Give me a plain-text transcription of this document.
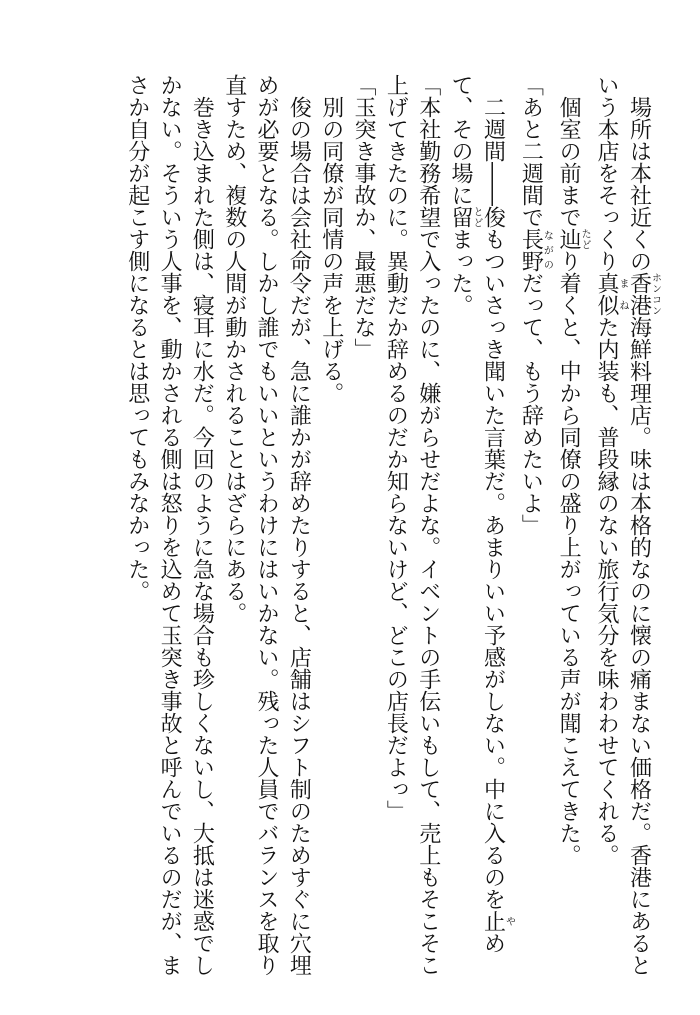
場所は本社近くの香港ホンコン海鮮料理店。味は本格的なのに懐の痛まない価格だ。香港にあるという本店をそっくり真似まねた内装も、普段縁のない旅行気分を味わわせてくれる。

個室の前まで辿たどり着くと、中から同僚の盛り上がっている声が聞こえてきた。

「あと二週間で長野ながのだって、もう辞めたいよ」

二週間――俊もついさっき聞いた言葉だ。あまりいい予感がしない。中に入るのを止やめて、その場に留とどまった。

「本社勤務希望で入ったのに、嫌がらせだよな。イベントの手伝いもして、売上もそこそこ上げてきたのに。異動だか辞めるのだか知らないけど、どこの店長だよっ」

「玉突き事故か、最悪だな」

別の同僚が同情の声を上げる。

俊の場合は会社命令だが、急に誰かが辞めたりすると、店舗はシフト制のためすぐに穴埋めが必要となる。しかし誰でもいいというわけにはいかない。残った人員でバランスを取り直すため、複数の人間が動かされることはざらにある。

巻き込まれた側は、寝耳に水だ。今回のように急な場合も珍しくないし、大抵は迷惑でしかない。そういう人事を、動かされる側は怒りを込めて玉突き事故と呼んでいるのだが、まさか自分が起こす側になるとは思ってもみなかった。
